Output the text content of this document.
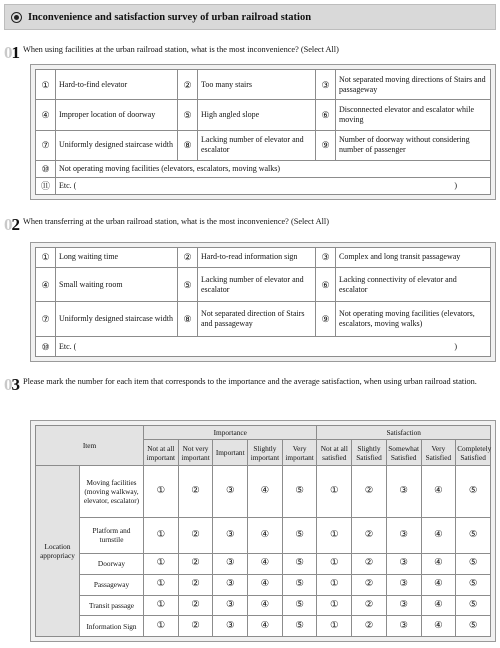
Inconvenience and satisfaction survey of urban railroad station
0 1 When using facilities at the urban railroad station, what is the most inconvenience? (Select All)
①	Hard-to-find elevator	②	Too many stairs	③	Not separated moving directions of Stairs and passageway
④	Improper location of doorway	⑤	High angled slope	⑥	Disconnected elevator and escalator while moving
⑦	Uniformly designed staircase width	⑧	Lacking number of elevator and escalator	⑨	Number of doorway without considering number of passenger
⑩	Not operating moving facilities (elevators, escalators, moving walks)				
⑪	Etc. ( )				
0 2 When transferring at the urban railroad station, what is the most inconvenience? (Select All)
①	Long waiting time	②	Hard-to-read information sign	③	Complex and long transit passageway
④	Small waiting room	⑤	Lacking number of elevator and escalator	⑥	Lacking connectivity of elevator and escalator
⑦	Uniformly designed staircase width	⑧	Not separated direction of Stairs and passageway	⑨	Not operating moving facilities (elevators, escalators, moving walks)
⑩	Etc. ( )				
0 3 Please mark the number for each item that corresponds to the importance and the average satisfaction, when using urban railroad station.
Item		Importance					Satisfaction				
		Not at all important	Not very important	Important	Slightly important	Very important	Not at all satisfied	Slightly Satisfied	Somewhat Satisfied	Very Satisfied	Completely Satisfied
Location appropriacy	Moving facilities (moving walkway, elevator, escalator)	①	②	③	④	⑤	①	②	③	④	⑤
	Platform and turnstile	①	②	③	④	⑤	①	②	③	④	⑤
	Doorway	①	②	③	④	⑤	①	②	③	④	⑤
	Passageway	①	②	③	④	⑤	①	②	③	④	⑤
	Transit passage	①	②	③	④	⑤	①	②	③	④	⑤
	Information Sign	①	②	③	④	⑤	①	②	③	④	⑤
